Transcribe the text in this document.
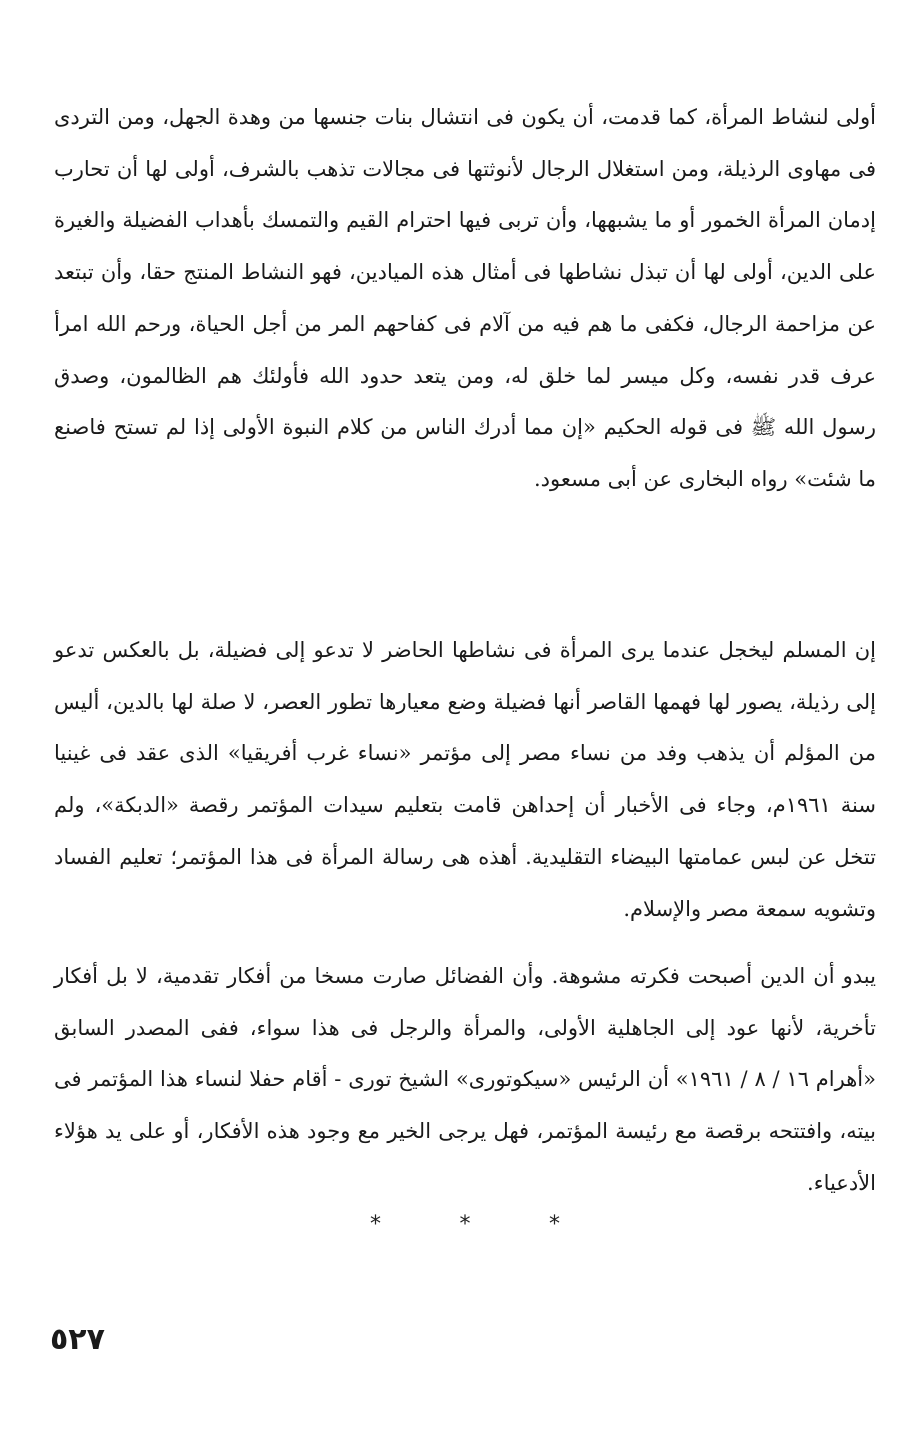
أولى لنشاط المرأة، كما قدمت، أن يكون فى انتشال بنات جنسها من وهدة الجهل، ومن التردى فى مهاوى الرذيلة، ومن استغلال الرجال لأنوثتها فى مجالات تذهب بالشرف، أولى لها أن تحارب إدمان المرأة الخمور أو ما يشبهها، وأن تربى فيها احترام القيم والتمسك بأهداب الفضيلة والغيرة على الدين، أولى لها أن تبذل نشاطها فى أمثال هذه الميادين، فهو النشاط المنتج حقا، وأن تبتعد عن مزاحمة الرجال، فكفى ما هم فيه من آلام فى كفاحهم المر من أجل الحياة، ورحم الله امرأ عرف قدر نفسه، وكل ميسر لما خلق له، ومن يتعد حدود الله فأولئك هم الظالمون، وصدق رسول الله ﷺ فى قوله الحكيم «إن مما أدرك الناس من كلام النبوة الأولى إذا لم تستح فاصنع ما شئت» رواه البخارى عن أبى مسعود.

إن المسلم ليخجل عندما يرى المرأة فى نشاطها الحاضر لا تدعو إلى فضيلة، بل بالعكس تدعو إلى رذيلة، يصور لها فهمها القاصر أنها فضيلة وضع معيارها تطور العصر، لا صلة لها بالدين، أليس من المؤلم أن يذهب وفد من نساء مصر إلى مؤتمر «نساء غرب أفريقيا» الذى عقد فى غينيا سنة ١٩٦١م، وجاء فى الأخبار أن إحداهن قامت بتعليم سيدات المؤتمر رقصة «الدبكة»، ولم تتخل عن لبس عمامتها البيضاء التقليدية. أهذه هى رسالة المرأة فى هذا المؤتمر؛ تعليم الفساد وتشويه سمعة مصر والإسلام.

يبدو أن الدين أصبحت فكرته مشوهة. وأن الفضائل صارت مسخا من أفكار تقدمية، لا بل أفكار تأخرية، لأنها عود إلى الجاهلية الأولى، والمرأة والرجل فى هذا سواء، ففى المصدر السابق «أهرام ١٦ / ٨ / ١٩٦١» أن الرئيس «سيكوتورى» الشيخ تورى - أقام حفلا لنساء هذا المؤتمر فى بيته، وافتتحه برقصة مع رئيسة المؤتمر، فهل يرجى الخير مع وجود هذه الأفكار، أو على يد هؤلاء الأدعياء.

*	*	*
٥٢٧
